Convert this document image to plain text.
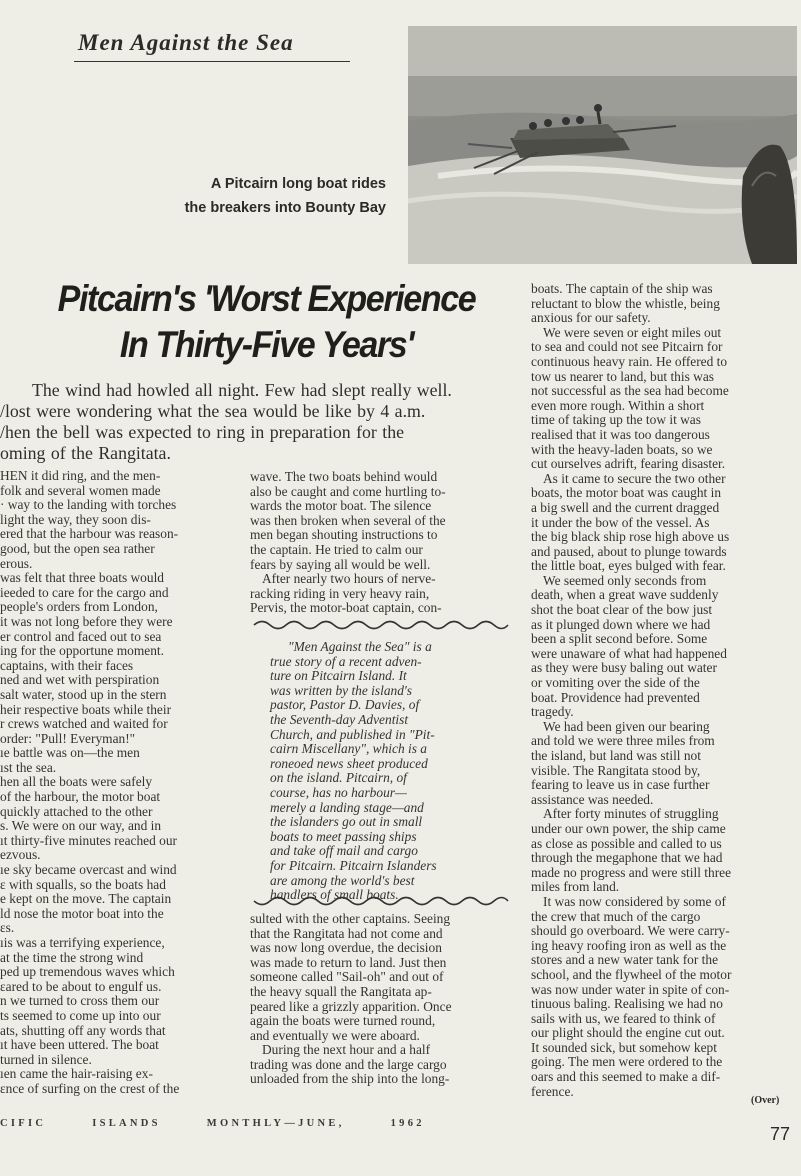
Men Against the Sea
A Pitcairn long boat rides
the breakers into Bounty Bay
Pitcairn's 'Worst Experience
In Thirty-Five Years'

The wind had howled all night. Few had slept really well.

/lost were wondering what the sea would be like by 4 a.m.

/hen the bell was expected to ring in preparation for the

oming of the Rangitata.

HEN it did ring, and the men-

folk and several women made

· way to the landing with torches

light the way, they soon dis-

ered that the harbour was reason-

good, but the open sea rather

erous.

was felt that three boats would

ieeded to care for the cargo and

people's orders from London,

it was not long before they were

er control and faced out to sea

ing for the opportune moment.

captains, with their faces

ned and wet with perspiration

salt water, stood up in the stern

heir respective boats while their

r crews watched and waited for

order: "Pull! Everyman!"

ıe battle was on—the men

ıst the sea.

hen all the boats were safely

of the harbour, the motor boat

quickly attached to the other

s. We were on our way, and in

ıt thirty-five minutes reached our

ezvous.

ıe sky became overcast and wind

ɛ with squalls, so the boats had

e kept on the move. The captain

ld nose the motor boat into the

ɛs.

ıis was a terrifying experience,

at the time the strong wind

ped up tremendous waves which

ɛared to be about to engulf us.

n we turned to cross them our

ts seemed to come up into our

ats, shutting off any words that

ıt have been uttered. The boat

turned in silence.

ıen came the hair-raising ex-

ɛnce of surfing on the crest of the

wave. The two boats behind would

also be caught and come hurtling to-

wards the motor boat. The silence

was then broken when several of the

men began shouting instructions to

the captain. He tried to calm our

fears by saying all would be well.

After nearly two hours of nerve-

racking riding in very heavy rain,

Pervis, the motor-boat captain, con-

sulted with the other captains. Seeing

that the Rangitata had not come and

was now long overdue, the decision

was made to return to land. Just then

someone called "Sail-oh" and out of

the heavy squall the Rangitata ap-

peared like a grizzly apparition. Once

again the boats were turned round,

and eventually we were aboard.

During the next hour and a half

trading was done and the large cargo

unloaded from the ship into the long-

"Men Against the Sea" is a

true story of a recent adven-

ture on Pitcairn Island. It

was written by the island's

pastor, Pastor D. Davies, of

the Seventh-day Adventist

Church, and published in "Pit-

cairn Miscellany", which is a

roneoed news sheet produced

on the island. Pitcairn, of

course, has no harbour—

merely a landing stage—and

the islanders go out in small

boats to meet passing ships

and take off mail and cargo

for Pitcairn. Pitcairn Islanders

are among the world's best

handlers of small boats.

boats. The captain of the ship was

reluctant to blow the whistle, being

anxious for our safety.

We were seven or eight miles out

to sea and could not see Pitcairn for

continuous heavy rain. He offered to

tow us nearer to land, but this was

not successful as the sea had become

even more rough. Within a short

time of taking up the tow it was

realised that it was too dangerous

with the heavy-laden boats, so we

cut ourselves adrift, fearing disaster.

As it came to secure the two other

boats, the motor boat was caught in

a big swell and the current dragged

it under the bow of the vessel. As

the big black ship rose high above us

and paused, about to plunge towards

the little boat, eyes bulged with fear.

We seemed only seconds from

death, when a great wave suddenly

shot the boat clear of the bow just

as it plunged down where we had

been a split second before. Some

were unaware of what had happened

as they were busy baling out water

or vomiting over the side of the

boat. Providence had prevented

tragedy.

We had been given our bearing

and told we were three miles from

the island, but land was still not

visible. The Rangitata stood by,

fearing to leave us in case further

assistance was needed.

After forty minutes of struggling

under our own power, the ship came

as close as possible and called to us

through the megaphone that we had

made no progress and were still three

miles from land.

It was now considered by some of

the crew that much of the cargo

should go overboard. We were carry-

ing heavy roofing iron as well as the

stores and a new water tank for the

school, and the flywheel of the motor

was now under water in spite of con-

tinuous baling. Realising we had no

sails with us, we feared to think of

our plight should the engine cut out.

It sounded sick, but somehow kept

going. The men were ordered to the

oars and this seemed to make a dif-

ference.

(Over)
CIFIC	ISLANDS	MONTHLY—JUNE,	1962
77
